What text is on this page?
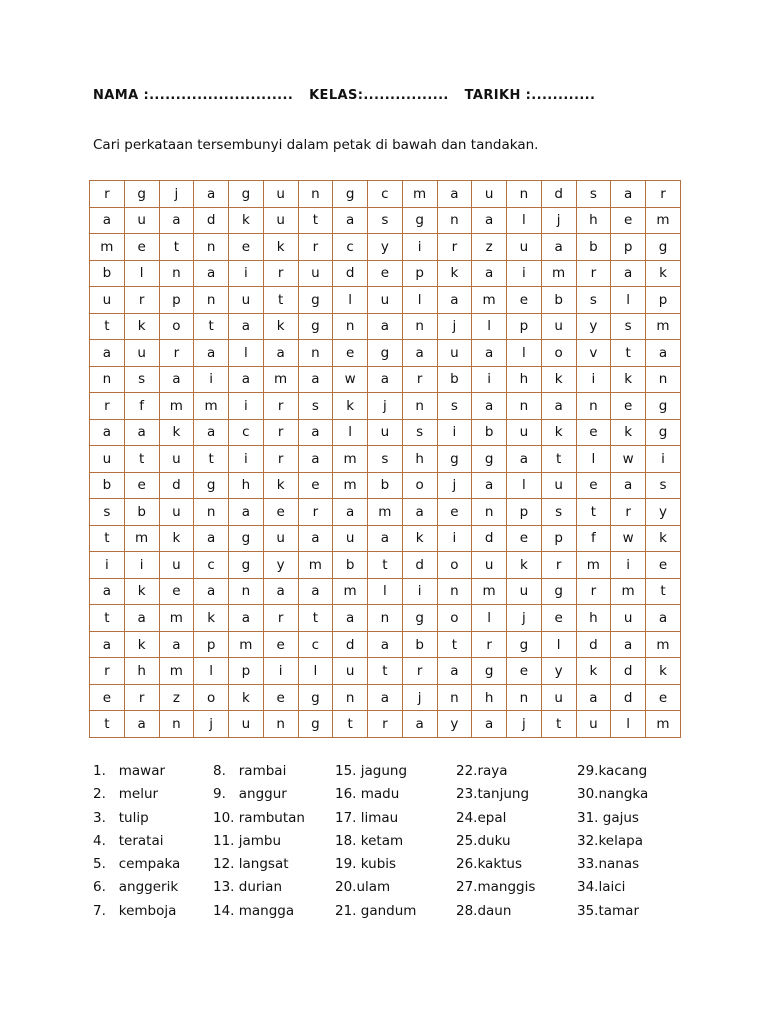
NAMA :........................... KELAS:................ TARIKH :............
Cari perkataan tersembunyi dalam petak di bawah dan tandakan.
r	g	j	a	g	u	n	g	c	m	a	u	n	d	s	a	r
a	u	a	d	k	u	t	a	s	g	n	a	l	j	h	e	m
m	e	t	n	e	k	r	c	y	i	r	z	u	a	b	p	g
b	l	n	a	i	r	u	d	e	p	k	a	i	m	r	a	k
u	r	p	n	u	t	g	l	u	l	a	m	e	b	s	l	p
t	k	o	t	a	k	g	n	a	n	j	l	p	u	y	s	m
a	u	r	a	l	a	n	e	g	a	u	a	l	o	v	t	a
n	s	a	i	a	m	a	w	a	r	b	i	h	k	i	k	n
r	f	m	m	i	r	s	k	j	n	s	a	n	a	n	e	g
a	a	k	a	c	r	a	l	u	s	i	b	u	k	e	k	g
u	t	u	t	i	r	a	m	s	h	g	g	a	t	l	w	i
b	e	d	g	h	k	e	m	b	o	j	a	l	u	e	a	s
s	b	u	n	a	e	r	a	m	a	e	n	p	s	t	r	y
t	m	k	a	g	u	a	u	a	k	i	d	e	p	f	w	k
i	i	u	c	g	y	m	b	t	d	o	u	k	r	m	i	e
a	k	e	a	n	a	a	m	l	i	n	m	u	g	r	m	t
t	a	m	k	a	r	t	a	n	g	o	l	j	e	h	u	a
a	k	a	p	m	e	c	d	a	b	t	r	g	l	d	a	m
r	h	m	l	p	i	l	u	t	r	a	g	e	y	k	d	k
e	r	z	o	k	e	g	n	a	j	n	h	n	u	a	d	e
t	a	n	j	u	n	g	t	r	a	y	a	j	t	u	l	m
1.   mawar
2.   melur
3.   tulip
4.   teratai
5.   cempaka
6.   anggerik
7.   kemboja
8.   rambai
9.   anggur
10. rambutan
11. jambu
12. langsat
13. durian
14. mangga
15. jagung
16. madu
17. limau
18. ketam
19. kubis
20.ulam
21. gandum
22.raya
23.tanjung
24.epal
25.duku
26.kaktus
27.manggis
28.daun
29.kacang
30.nangka
31. gajus
32.kelapa
33.nanas
34.laici
35.tamar
